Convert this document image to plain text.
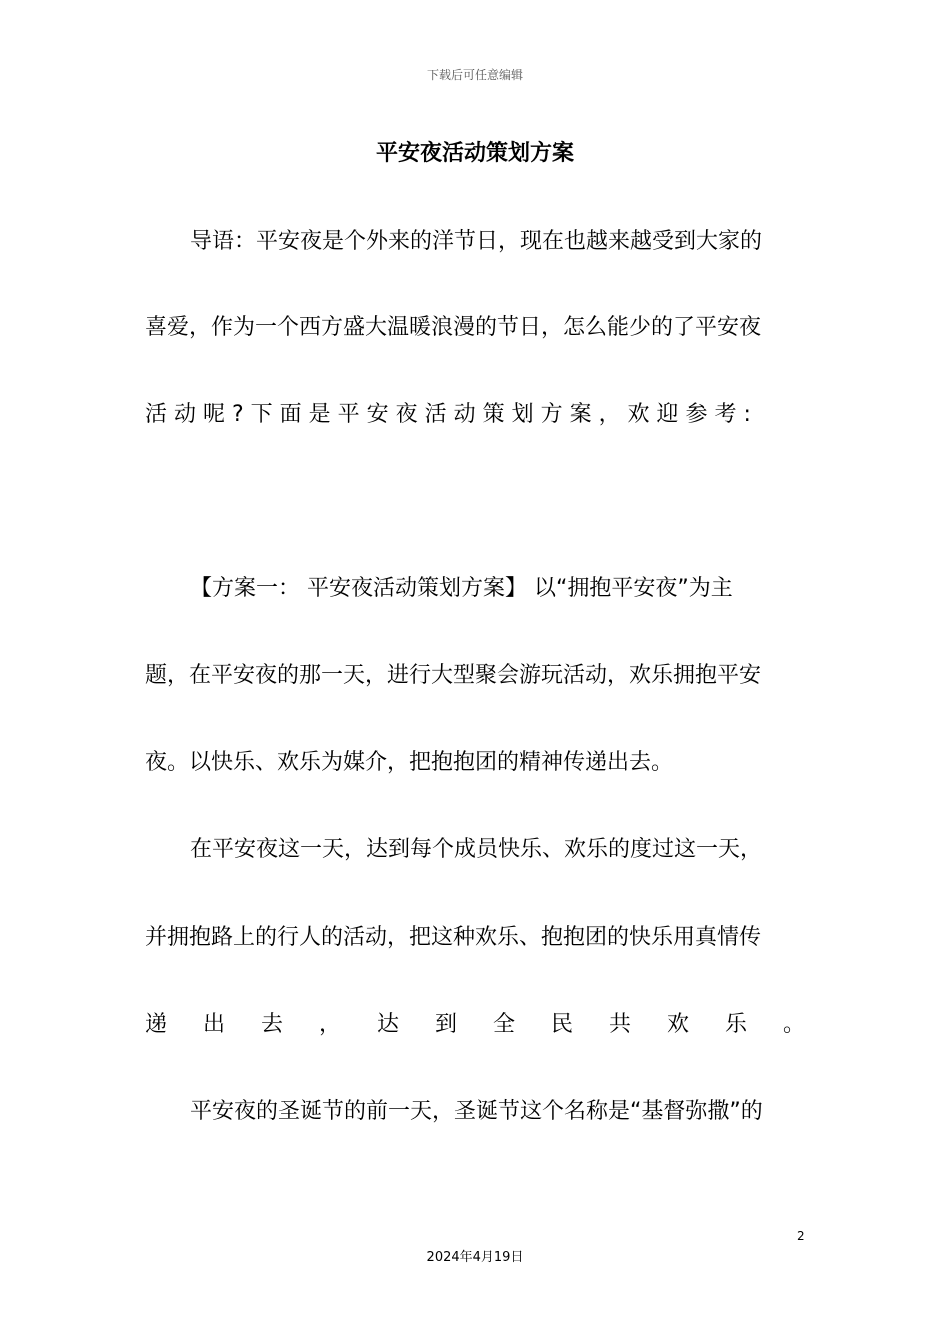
下载后可任意编辑
平安夜活动策划方案
导语：平安夜是个外来的洋节日，现在也越来越受到大家的
喜爱，作为一个西方盛大温暖浪漫的节日，怎么能少的了平安夜
活 动 呢 ? 下 面 是 平 安 夜 活 动 策 划 方 案 ， 欢 迎 参 考 :
【方案一： 平安夜活动策划方案】 以“拥抱平安夜”为主
题，在平安夜的那一天，进行大型聚会游玩活动，欢乐拥抱平安
夜。以快乐、欢乐为媒介，把抱抱团的精神传递出去。
在平安夜这一天，达到每个成员快乐、欢乐的度过这一天，
并拥抱路上的行人的活动，把这种欢乐、抱抱团的快乐用真情传
递 出 去 ， 达 到 全 民 共 欢 乐 。
平安夜的圣诞节的前一天，圣诞节这个名称是“基督弥撒”的
2
2024年4月19日
